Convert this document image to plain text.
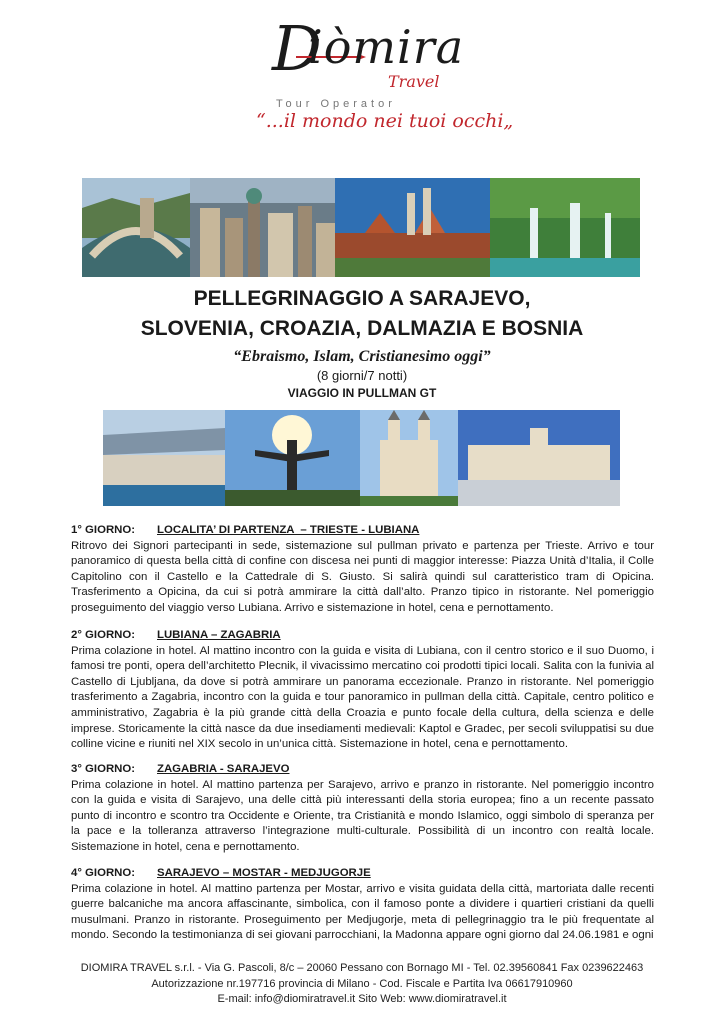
D
iòmira
Travel
Tour Operator
“...il mondo nei tuoi occhi„
PELLEGRINAGGIO A SARAJEVO,
SLOVENIA, CROAZIA, DALMAZIA E BOSNIA
“Ebraismo, Islam, Cristianesimo oggi”
(8 giorni/7 notti)
VIAGGIO IN PULLMAN GT
1° GIORNO: LOCALITA’ DI PARTENZA  – TRIESTE - LUBIANA

Ritrovo dei Signori partecipanti in sede, sistemazione sul pullman privato e partenza per Trieste. Arrivo e tour panoramico di questa bella città di confine con discesa nei punti di maggior interesse: Piazza Unità d’Italia, il Colle Capitolino con il Castello e la Cattedrale di S. Giusto. Si salirà quindi sul caratteristico tram di Opicina. Trasferimento a Opicina, da cui si potrà ammirare la città dall’alto. Pranzo tipico in ristorante. Nel pomeriggio proseguimento del viaggio verso Lubiana. Arrivo e sistemazione in hotel, cena e pernottamento.

2° GIORNO: LUBIANA – ZAGABRIA

Prima colazione in hotel. Al mattino incontro con la guida e visita di Lubiana, con il centro storico e il suo Duomo, i famosi tre ponti, opera dell’architetto Plecnik, il vivacissimo mercatino coi prodotti tipici locali. Salita con la funivia al Castello di Ljubljana, da dove si potrà ammirare un panorama eccezionale. Pranzo in ristorante. Nel pomeriggio trasferimento a Zagabria, incontro con la guida e tour panoramico in pullman della città. Capitale, centro politico e amministrativo, Zagabria è la più grande città della Croazia e punto focale della cultura, della scienza e delle imprese. Storicamente la città nasce da due insediamenti medievali: Kaptol e Gradec, per secoli sviluppatisi su due colline vicine e riuniti nel XIX secolo in un’unica città. Sistemazione in hotel, cena e pernottamento.

3° GIORNO: ZAGABRIA - SARAJEVO

Prima colazione in hotel. Al mattino partenza per Sarajevo, arrivo e pranzo in ristorante. Nel pomeriggio incontro con la guida e visita di Sarajevo, una delle città più interessanti della storia europea; fino a un recente passato punto di incontro e scontro tra Occidente e Oriente, tra Cristianità e mondo Islamico, oggi simbolo di speranza per la pace e la tolleranza attraverso l’integrazione multi-culturale. Possibilità di un incontro con realtà locale. Sistemazione in hotel, cena e pernottamento.

4° GIORNO: SARAJEVO – MOSTAR - MEDJUGORJE

Prima colazione in hotel. Al mattino partenza per Mostar, arrivo e visita guidata della città, martoriata dalle recenti guerre balcaniche ma ancora affascinante, simbolica, con il famoso ponte a dividere i quartieri cristiani da quelli musulmani. Pranzo in ristorante. Proseguimento per Medjugorje, meta di pellegrinaggio tra le più frequentate al mondo. Secondo la testimonianza di sei giovani parrocchiani, la Madonna appare ogni giorno dal 24.06.1981 e ogni

DIOMIRA TRAVEL s.r.l. - Via G. Pascoli, 8/c – 20060 Pessano con Bornago MI - Tel. 02.39560841 Fax 0239622463
Autorizzazione nr.197716 provincia di Milano - Cod. Fiscale e Partita Iva 06617910960
E-mail: info@diomiratravel.it Sito Web: www.diomiratravel.it
